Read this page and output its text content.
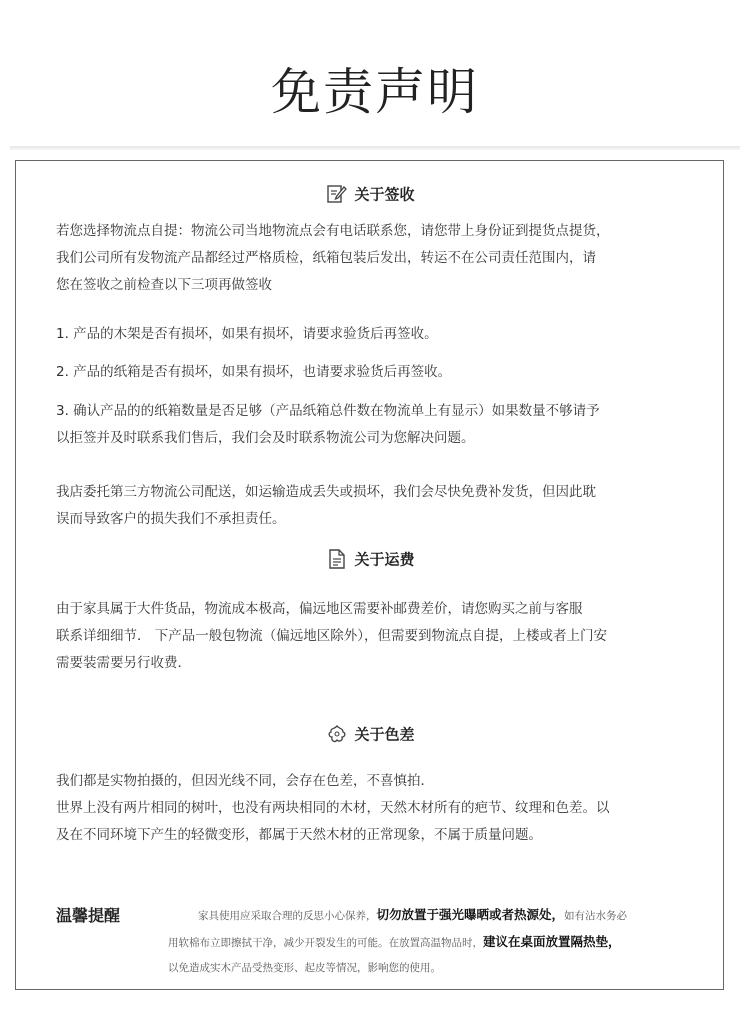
免责声明
关于签收
若您选择物流点自提：物流公司当地物流点会有电话联系您，请您带上身份证到提货点提货，
我们公司所有发物流产品都经过严格质检，纸箱包装后发出，转运不在公司责任范围内，请
您在签收之前检查以下三项再做签收
1. 产品的木架是否有损坏，如果有损坏，请要求验货后再签收。
2. 产品的纸箱是否有损坏，如果有损坏，也请要求验货后再签收。
3. 确认产品的的纸箱数量是否足够（产品纸箱总件数在物流单上有显示）如果数量不够请予
以拒签并及时联系我们售后，我们会及时联系物流公司为您解决问题。
我店委托第三方物流公司配送，如运输造成丢失或损坏，我们会尽快免费补发货，但因此耽
误而导致客户的损失我们不承担责任。
关于运费
由于家具属于大件货品，物流成本极高，偏远地区需要补邮费差价，请您购买之前与客服
联系详细细节． 下产品一般包物流（偏远地区除外），但需要到物流点自提，上楼或者上门安
需要装需要另行收费．
关于色差
我们都是实物拍摄的，但因光线不同，会存在色差，不喜慎拍．
世界上没有两片相同的树叶，也没有两块相同的木材，天然木材所有的疤节、纹理和色差。以
及在不同环境下产生的轻微变形，都属于天然木材的正常现象，不属于质量问题。
温馨提醒	家具使用应采取合理的反思小心保养，切勿放置于强光曝晒或者热源处，如有沾水务必
用软棉布立即擦拭干净，减少开裂发生的可能。在放置高温物品时，建议在桌面放置隔热垫，
以免造成实木产品受热变形、起皮等情况，影响您的使用。
